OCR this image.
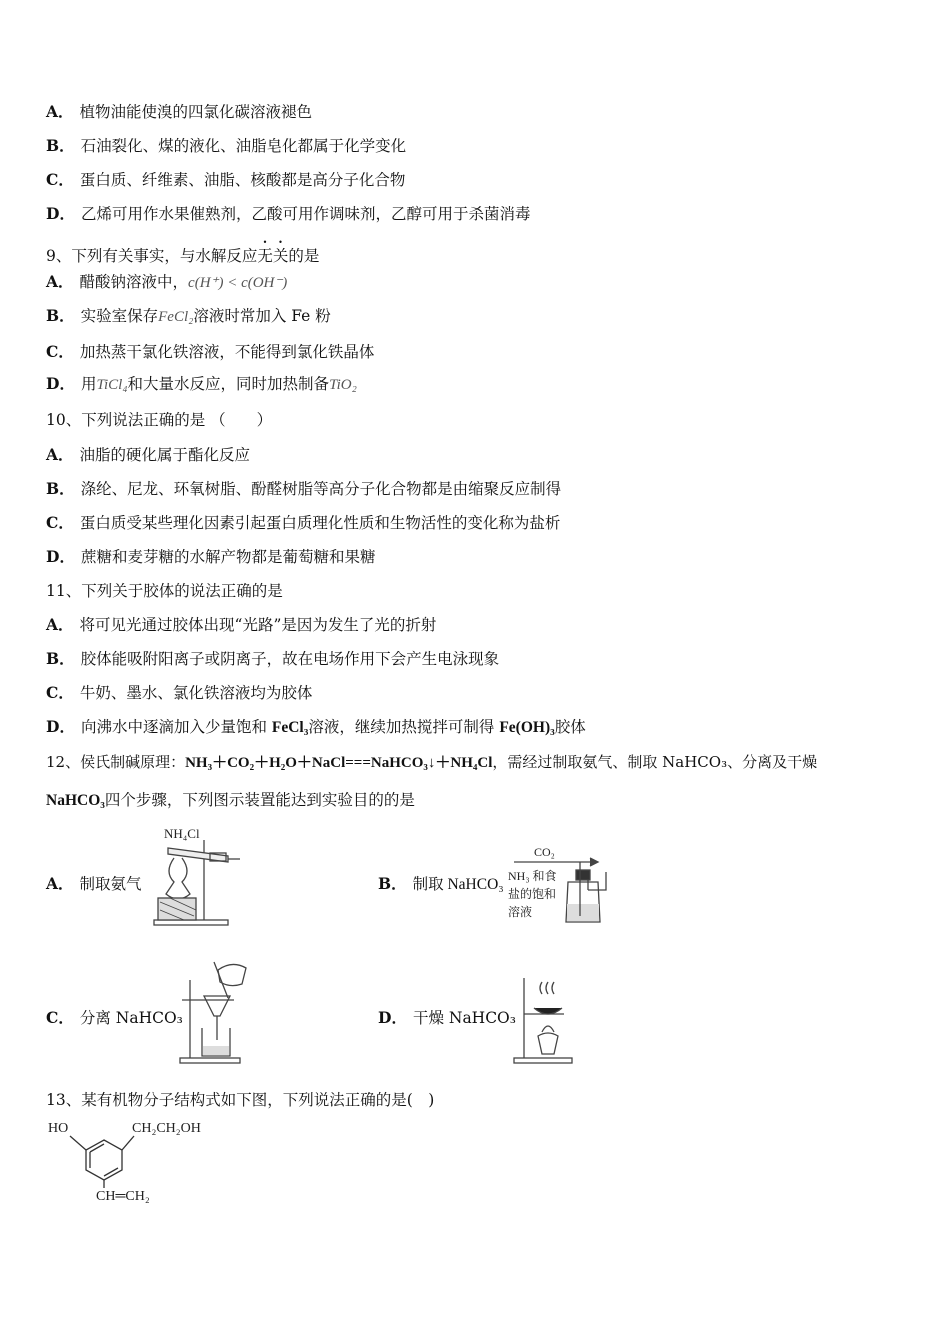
A． 植物油能使溴的四氯化碳溶液褪色
B． 石油裂化、煤的液化、油脂皂化都属于化学变化
C． 蛋白质、纤维素、油脂、核酸都是高分子化合物
D． 乙烯可用作水果催熟剂，乙酸可用作调味剂，乙醇可用于杀菌消毒
9、下列有关事实，与水解反应无关的是
A． 醋酸钠溶液中，c(H⁺) < c(OH⁻)
B． 实验室保存FeCl₂溶液时常加入 Fe 粉
C． 加热蒸干氯化铁溶液，不能得到氯化铁晶体
D． 用TiCl₄和大量水反应，同时加热制备TiO₂
10、下列说法正确的是 （　　）
A． 油脂的硬化属于酯化反应
B． 涤纶、尼龙、环氧树脂、酚醛树脂等高分子化合物都是由缩聚反应制得
C． 蛋白质受某些理化因素引起蛋白质理化性质和生物活性的变化称为盐析
D． 蔗糖和麦芽糖的水解产物都是葡萄糖和果糖
11、下列关于胶体的说法正确的是
A． 将可见光通过胶体出现“光路”是因为发生了光的折射
B． 胶体能吸附阳离子或阴离子，故在电场作用下会产生电泳现象
C． 牛奶、墨水、氯化铁溶液均为胶体
D． 向沸水中逐滴加入少量饱和 FeCl₃溶液，继续加热搅拌可制得 Fe(OH)₃胶体
12、侯氏制碱原理：NH₃＋CO₂＋H₂O＋NaCl===NaHCO₃↓＋NH₄Cl，需经过制取氨气、制取 NaHCO₃、分离及干燥
NaHCO₃四个步骤，下列图示装置能达到实验目的的是
A． 制取氨气	B． 制取 NaHCO₃
C． 分离 NaHCO₃	D． 干燥 NaHCO₃
NH₄Cl
CO₂
NH₃ 和食
盐的饱和
溶液
13、某有机物分子结构式如下图，下列说法正确的是(　)
HO	CH₂CH₂OH
CH═CH₂
